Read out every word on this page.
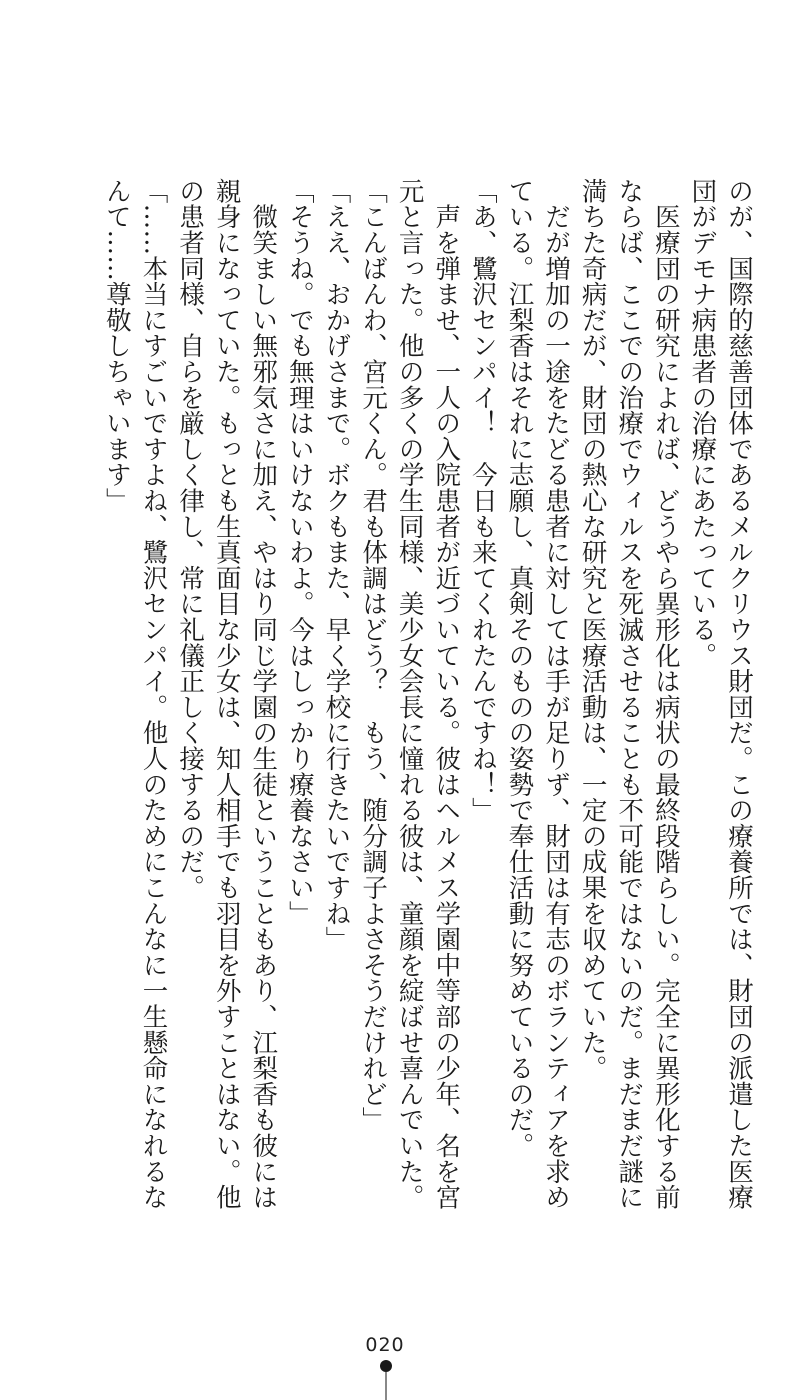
のが、国際的慈善団体であるメルクリウス財団だ。この療養所では、財団の派遣した医療
団がデモナ病患者の治療にあたっている。
　医療団の研究によれば、どうやら異形化は病状の最終段階らしい。完全に異形化する前
ならば、ここでの治療でウィルスを死滅させることも不可能ではないのだ。まだまだ謎に
満ちた奇病だが、財団の熱心な研究と医療活動は、一定の成果を収めていた。
　だが増加の一途をたどる患者に対しては手が足りず、財団は有志のボランティアを求め
ている。江梨香はそれに志願し、真剣そのものの姿勢で奉仕活動に努めているのだ。
「あ、鷺沢センパイ！　今日も来てくれたんですね！」
　声を弾ませ、一人の入院患者が近づいている。彼はヘルメス学園中等部の少年、名を宮
元と言った。他の多くの学生同様、美少女会長に憧れる彼は、童顔を綻ばせ喜んでいた。
「こんばんわ、宮元くん。君も体調はどう？　もう、随分調子よさそうだけれど」
「ええ、おかげさまで。ボクもまた、早く学校に行きたいですね」
「そうね。でも無理はいけないわよ。今はしっかり療養なさい」
　微笑ましい無邪気さに加え、やはり同じ学園の生徒ということもあり、江梨香も彼には
親身になっていた。もっとも生真面目な少女は、知人相手でも羽目を外すことはない。他
の患者同様、自らを厳しく律し、常に礼儀正しく接するのだ。
「……本当にすごいですよね、鷺沢センパイ。他人のためにこんなに一生懸命になれるな
んて……尊敬しちゃいます」
020
